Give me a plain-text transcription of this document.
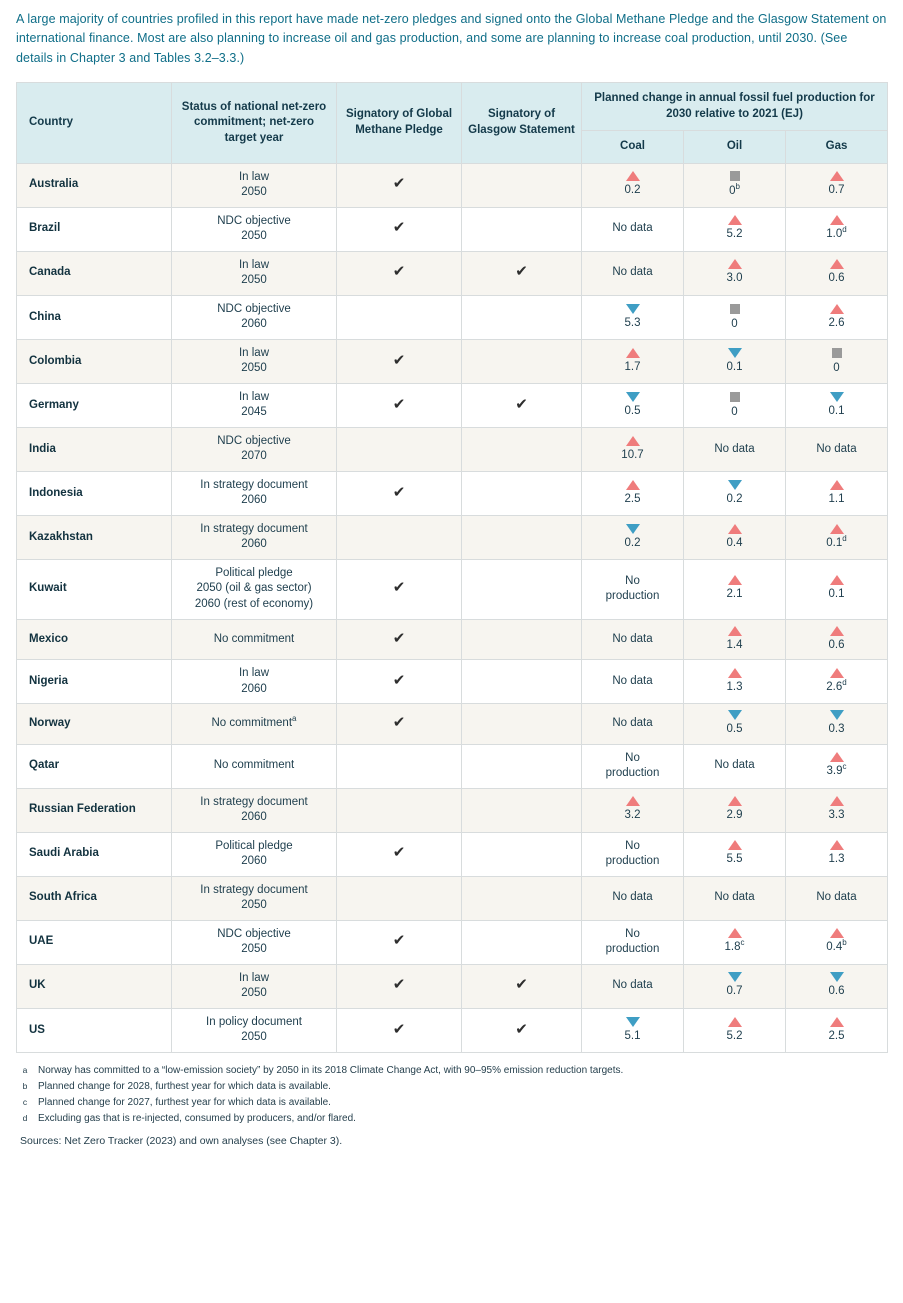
A large majority of countries profiled in this report have made net-zero pledges and signed onto the Global Methane Pledge and the Glasgow Statement on international finance. Most are also planning to increase oil and gas production, and some are planning to increase coal production, until 2030. (See details in Chapter 3 and Tables 3.2–3.3.)

Country	Status of national net-zero commitment; net-zero target year	Signatory of Global Methane Pledge	Signatory of Glasgow Statement	Planned change in annual fossil fuel production for 2030 relative to 2021 (EJ)		
				Coal	Oil	Gas
Australia	In law
2050	✔		0.2	0$^b$	0.7
Brazil	NDC objective
2050	✔		No data	5.2	1.0$^d$
Canada	In law
2050	✔	✔	No data	3.0	0.6
China	NDC objective
2060			5.3	0	2.6
Colombia	In law
2050	✔		1.7	0.1	0
Germany	In law
2045	✔	✔	0.5	0	0.1
India	NDC objective
2070			10.7	No data	No data
Indonesia	In strategy document
2060	✔		2.5	0.2	1.1
Kazakhstan	In strategy document
2060			0.2	0.4	0.1$^d$
Kuwait	Political pledge
2050 (oil & gas sector)
2060 (rest of economy)	✔		No
production	2.1	0.1
Mexico	No commitment	✔		No data	1.4	0.6
Nigeria	In law
2060	✔		No data	1.3	2.6$^d$
Norway	No commitment$^a$	✔		No data	0.5	0.3
Qatar	No commitment			No
production	No data	3.9$^c$
Russian Federation	In strategy document
2060			3.2	2.9	3.3
Saudi Arabia	Political pledge
2060	✔		No
production	5.5	1.3
South Africa	In strategy document
2050			No data	No data	No data
UAE	NDC objective
2050	✔		No
production	1.8$^c$	0.4$^b$
UK	In law
2050	✔	✔	No data	0.7	0.6
US	In policy document
2050	✔	✔	5.1	5.2	2.5
a Norway has committed to a “low-emission society” by 2050 in its 2018 Climate Change Act, with 90–95% emission reduction targets.
b Planned change for 2028, furthest year for which data is available.
c Planned change for 2027, furthest year for which data is available.
d Excluding gas that is re-injected, consumed by producers, and/or flared.
Sources: Net Zero Tracker (2023) and own analyses (see Chapter 3).
